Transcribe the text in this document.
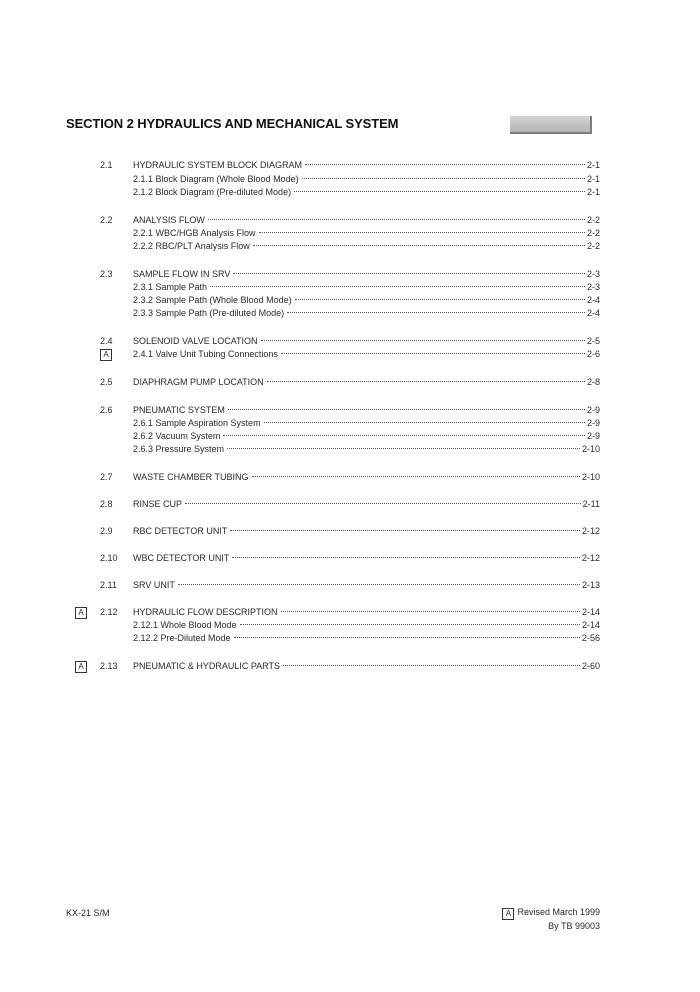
SECTION 2 HYDRAULICS AND MECHANICAL SYSTEM
2.1 HYDRAULIC SYSTEM BLOCK DIAGRAM	2-1
2.1.1 Block Diagram (Whole Blood Mode)	2-1
2.1.2 Block Diagram (Pre-diluted Mode)	2-1
2.2 ANALYSIS FLOW	2-2
2.2.1 WBC/HGB Analysis Flow	2-2
2.2.2 RBC/PLT Analysis Flow	2-2
2.3 SAMPLE FLOW IN SRV	2-3
2.3.1 Sample Path	2-3
2.3.2 Sample Path (Whole Blood Mode)	2-4
2.3.3 Sample Path (Pre-diluted Mode)	2-4
2.4 SOLENOID VALVE LOCATION	2-5
A	2.4.1 Valve Unit Tubing Connections	2-6
2.5 DIAPHRAGM PUMP LOCATION	2-8
2.6 PNEUMATIC SYSTEM	2-9
2.6.1 Sample Aspiration System	2-9
2.6.2 Vacuum System	2-9
2.6.3 Pressure System	2-10
2.7 WASTE CHAMBER TUBING	2-10
2.8 RINSE CUP	2-11
2.9 RBC DETECTOR UNIT	2-12
2.10 WBC DETECTOR UNIT	2-12
2.11 SRV UNIT	2-13
A	2.12 HYDRAULIC FLOW DESCRIPTION	2-14
2.12.1 Whole Blood Mode	2-14
2.12.2 Pre-Diluted Mode	2-56
A	2.13 PNEUMATIC & HYDRAULIC PARTS	2-60
KX-21 S/M	A Revised March 1999
By TB 99003
